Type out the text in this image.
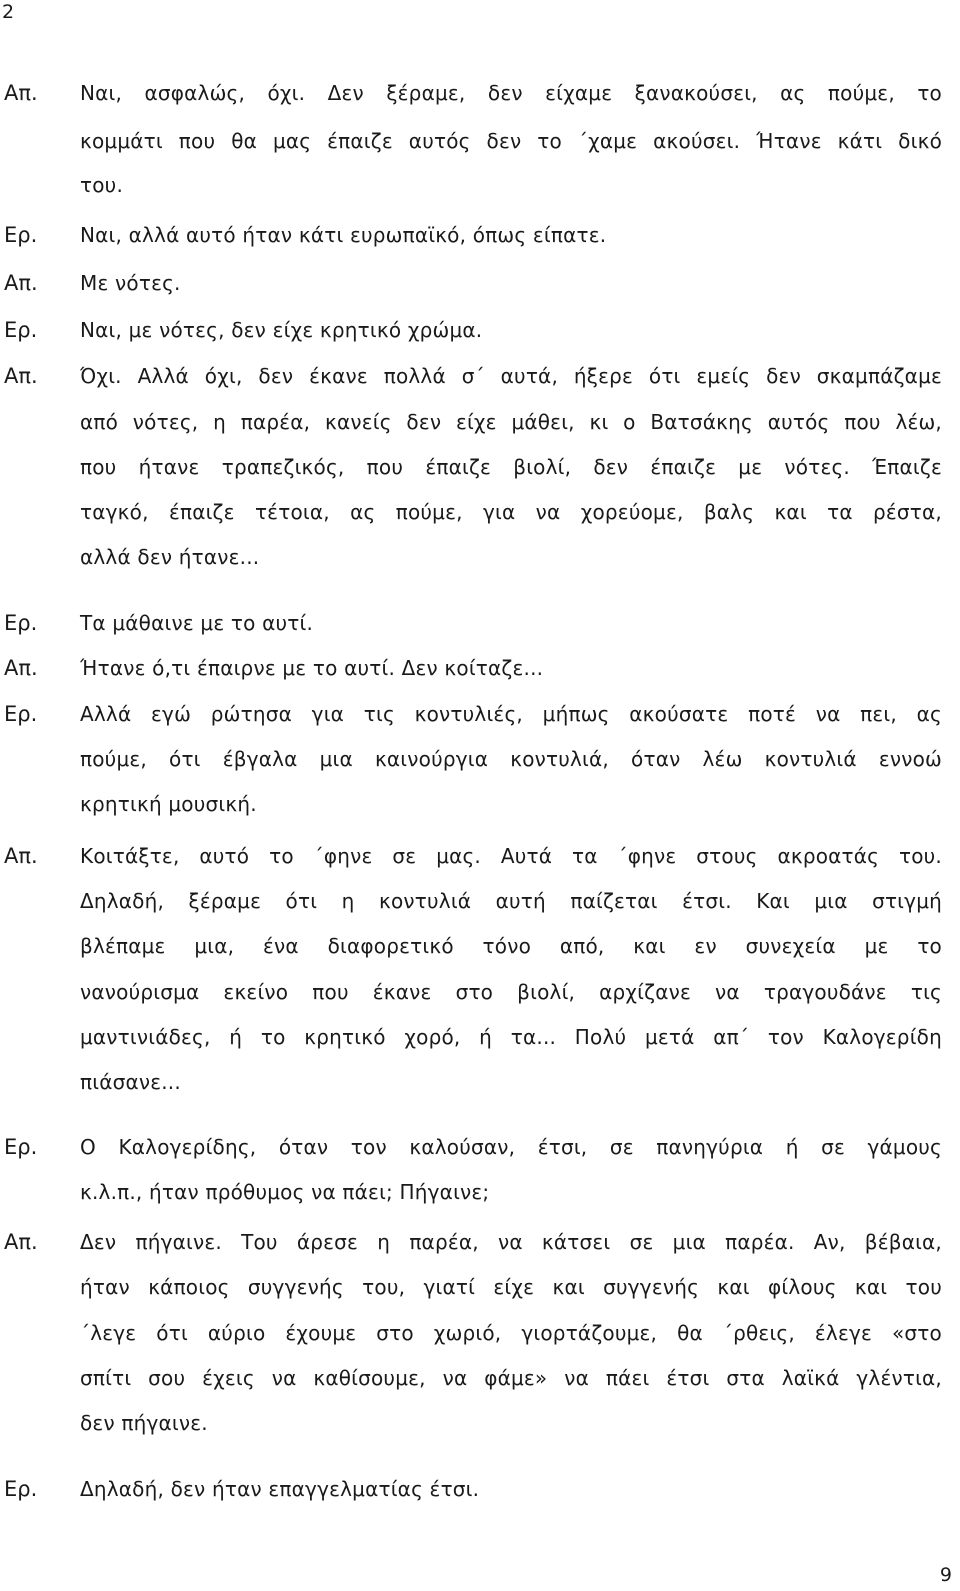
2
Απ. Ναι, ασφαλώς, όχι. Δεν ξέραμε, δεν είχαμε ξανακούσει, ας πούμε, το
κομμάτι που θα μας έπαιζε αυτός δεν το ΄χαμε ακούσει. Ήτανε κάτι δικό
του.
Ερ. Ναι, αλλά αυτό ήταν κάτι ευρωπαϊκό, όπως είπατε.
Απ. Με νότες.
Ερ. Ναι, με νότες, δεν είχε κρητικό χρώμα.
Απ. Όχι. Αλλά όχι, δεν έκανε πολλά σ΄ αυτά, ήξερε ότι εμείς δεν σκαμπάζαμε
από νότες, η παρέα, κανείς δεν είχε μάθει, κι ο Βατσάκης αυτός που λέω,
που ήτανε τραπεζικός, που έπαιζε βιολί, δεν έπαιζε με νότες. Έπαιζε
ταγκό, έπαιζε τέτοια, ας πούμε, για να χορεύομε, βαλς και τα ρέστα,
αλλά δεν ήτανε...
Ερ. Τα μάθαινε με το αυτί.
Απ. Ήτανε ό,τι έπαιρνε με το αυτί. Δεν κοίταζε...
Ερ. Αλλά εγώ ρώτησα για τις κοντυλιές, μήπως ακούσατε ποτέ να πει, ας
πούμε, ότι έβγαλα μια καινούργια κοντυλιά, όταν λέω κοντυλιά εννοώ
κρητική μουσική.
Απ. Κοιτάξτε, αυτό το ΄φηνε σε μας. Αυτά τα ΄φηνε στους ακροατάς του.
Δηλαδή, ξέραμε ότι η κοντυλιά αυτή παίζεται έτσι. Και μια στιγμή
βλέπαμε μια, ένα διαφορετικό τόνο από, και εν συνεχεία με το
νανούρισμα εκείνο που έκανε στο βιολί, αρχίζανε να τραγουδάνε τις
μαντινιάδες, ή το κρητικό χορό, ή τα... Πολύ μετά απ΄ τον Καλογερίδη
πιάσανε...
Ερ. Ο Καλογερίδης, όταν τον καλούσαν, έτσι, σε πανηγύρια ή σε γάμους
κ.λ.π., ήταν πρόθυμος να πάει; Πήγαινε;
Απ. Δεν πήγαινε. Του άρεσε η παρέα, να κάτσει σε μια παρέα. Αν, βέβαια,
ήταν κάποιος συγγενής του, γιατί είχε και συγγενής και φίλους και του
΄λεγε ότι αύριο έχουμε στο χωριό, γιορτάζουμε, θα ΄ρθεις, έλεγε «στο
σπίτι σου έχεις να καθίσουμε, να φάμε» να πάει έτσι στα λαϊκά γλέντια,
δεν πήγαινε.
Ερ. Δηλαδή, δεν ήταν επαγγελματίας έτσι.
9
